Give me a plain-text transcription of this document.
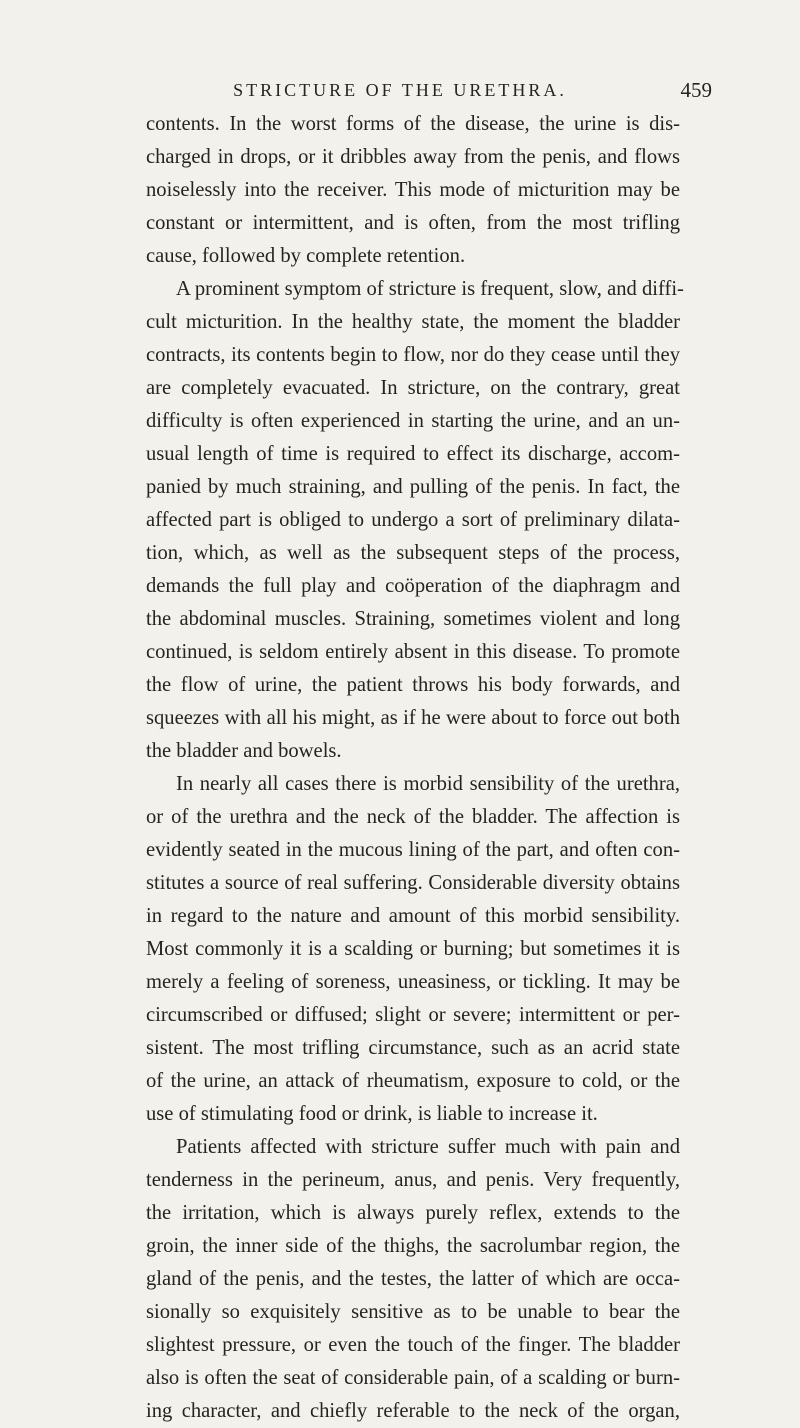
STRICTURE OF THE URETHRA.	459
contents. In the worst forms of the disease, the urine is dis-
charged in drops, or it dribbles away from the penis, and flows
noiselessly into the receiver. This mode of micturition may be
constant or intermittent, and is often, from the most trifling
cause, followed by complete retention.
A prominent symptom of stricture is frequent, slow, and diffi-
cult micturition. In the healthy state, the moment the bladder
contracts, its contents begin to flow, nor do they cease until they
are completely evacuated. In stricture, on the contrary, great
difficulty is often experienced in starting the urine, and an un-
usual length of time is required to effect its discharge, accom-
panied by much straining, and pulling of the penis. In fact, the
affected part is obliged to undergo a sort of preliminary dilata-
tion, which, as well as the subsequent steps of the process,
demands the full play and coöperation of the diaphragm and
the abdominal muscles. Straining, sometimes violent and long
continued, is seldom entirely absent in this disease. To promote
the flow of urine, the patient throws his body forwards, and
squeezes with all his might, as if he were about to force out both
the bladder and bowels.
In nearly all cases there is morbid sensibility of the urethra,
or of the urethra and the neck of the bladder. The affection is
evidently seated in the mucous lining of the part, and often con-
stitutes a source of real suffering. Considerable diversity obtains
in regard to the nature and amount of this morbid sensibility.
Most commonly it is a scalding or burning; but sometimes it is
merely a feeling of soreness, uneasiness, or tickling. It may be
circumscribed or diffused; slight or severe; intermittent or per-
sistent. The most trifling circumstance, such as an acrid state
of the urine, an attack of rheumatism, exposure to cold, or the
use of stimulating food or drink, is liable to increase it.
Patients affected with stricture suffer much with pain and
tenderness in the perineum, anus, and penis. Very frequently,
the irritation, which is always purely reflex, extends to the
groin, the inner side of the thighs, the sacrolumbar region, the
gland of the penis, and the testes, the latter of which are occa-
sionally so exquisitely sensitive as to be unable to bear the
slightest pressure, or even the touch of the finger. The bladder
also is often the seat of considerable pain, of a scalding or burn-
ing character, and chiefly referable to the neck of the organ,
